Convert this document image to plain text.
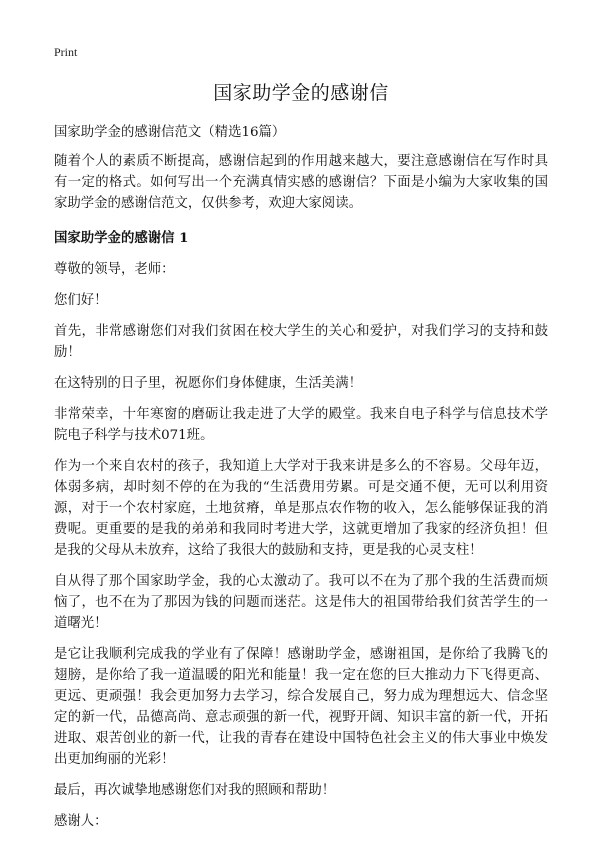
Print
国家助学金的感谢信

国家助学金的感谢信范文（精选16篇）

随着个人的素质不断提高，感谢信起到的作用越来越大，要注意感谢信在写作时具有一定的格式。如何写出一个充满真情实感的感谢信？下面是小编为大家收集的国家助学金的感谢信范文，仅供参考，欢迎大家阅读。

国家助学金的感谢信 1

尊敬的领导，老师：

您们好！

首先，非常感谢您们对我们贫困在校大学生的关心和爱护，对我们学习的支持和鼓励！

在这特别的日子里，祝愿你们身体健康，生活美满！

非常荣幸，十年寒窗的磨砺让我走进了大学的殿堂。我来自电子科学与信息技术学院电子科学与技术071班。

作为一个来自农村的孩子，我知道上大学对于我来讲是多么的不容易。父母年迈，体弱多病，却时刻不停的在为我的“生活费用劳累。可是交通不便，无可以利用资源，对于一个农村家庭，土地贫瘠，单是那点农作物的收入，怎么能够保证我的消费呢。更重要的是我的弟弟和我同时考进大学，这就更增加了我家的经济负担！但是我的父母从未放弃，这给了我很大的鼓励和支持，更是我的心灵支柱！

自从得了那个国家助学金，我的心太激动了。我可以不在为了那个我的生活费而烦恼了，也不在为了那因为钱的问题而迷茫。这是伟大的祖国带给我们贫苦学生的一道曙光！

是它让我顺利完成我的学业有了保障！感谢助学金，感谢祖国，是你给了我腾飞的翅膀，是你给了我一道温暖的阳光和能量！我一定在您的巨大推动力下飞得更高、更远、更顽强！我会更加努力去学习，综合发展自己，努力成为理想远大、信念坚定的新一代，品德高尚、意志顽强的新一代，视野开阔、知识丰富的新一代，开拓进取、艰苦创业的新一代，让我的青春在建设中国特色社会主义的伟大事业中焕发出更加绚丽的光彩！

最后，再次诚挚地感谢您们对我的照顾和帮助！

感谢人：
